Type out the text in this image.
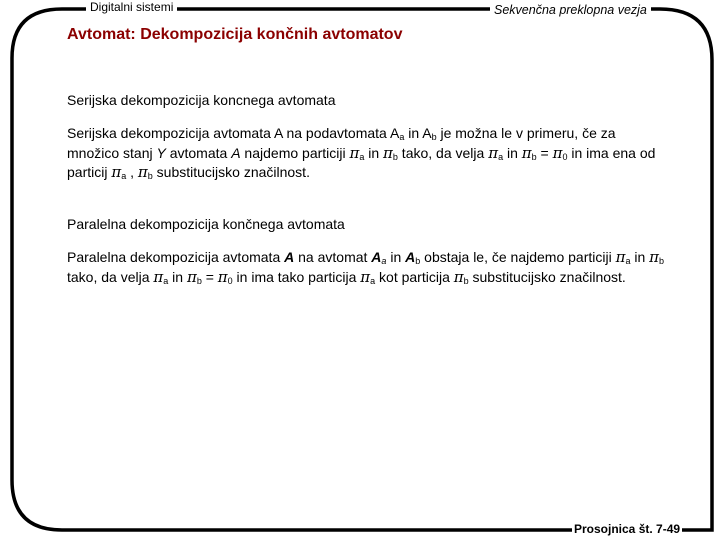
Digitalni sistemi	Sekvenčna preklopna vezja
Avtomat: Dekompozicija končnih avtomatov
Serijska dekompozicija koncnega avtomata
Serijska dekompozicija avtomata A na podavtomata $A_a$ in $A_b$ je možna le v primeru, če za množico stanj Y avtomata A najdemo particiji $\pi_a$ in $\pi_b$ tako, da velja $\pi_a$ in $\pi_b = \pi_0$ in ima ena od particij $\pi_a$ , $\pi_b$ substitucijsko značilnost.
Paralelna dekompozicija končnega avtomata
Paralelna dekompozicija avtomata A na avtomat $A_a$ in $A_b$ obstaja le, če najdemo particiji $\pi_a$ in $\pi_b$ tako, da velja $\pi_a$ in $\pi_b = \pi_0$ in ima tako particija $\pi_a$ kot particija $\pi_b$ substitucijsko značilnost.
Prosojnica št. 7-49
